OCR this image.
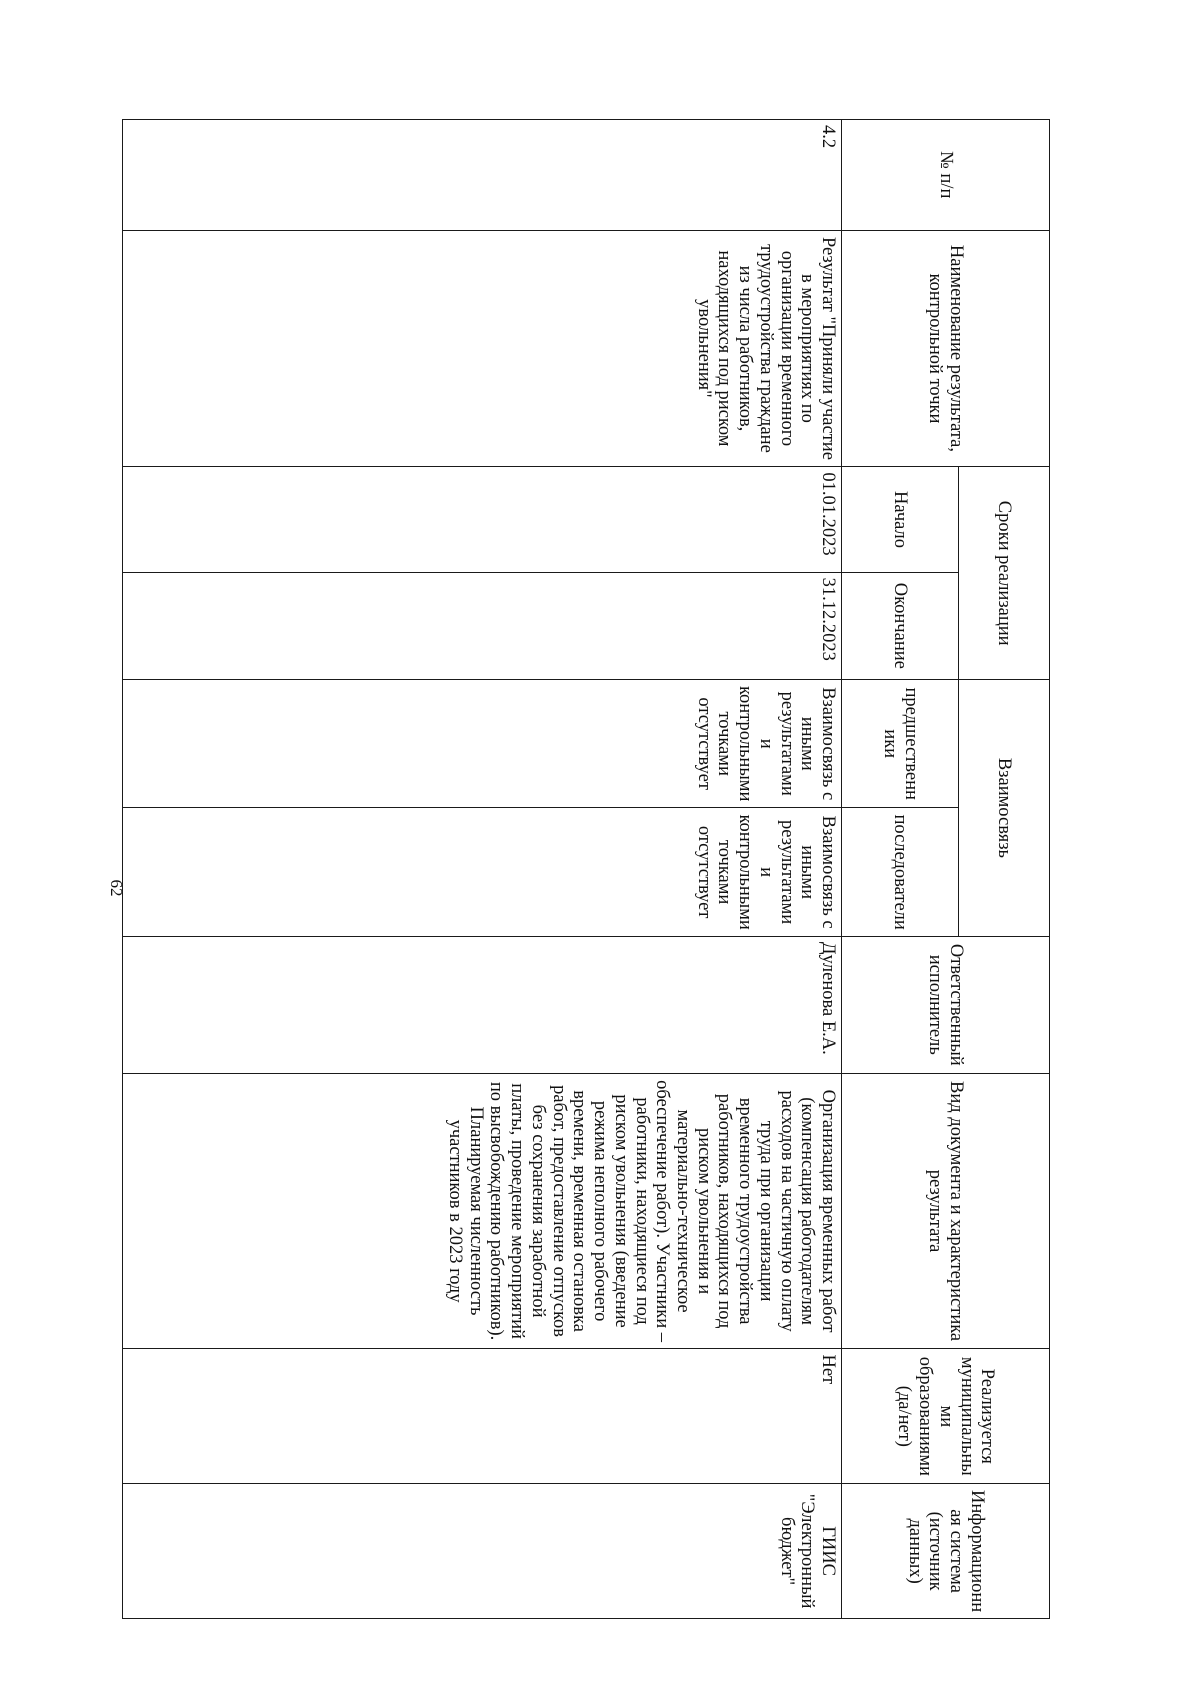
62
№ п/п	Наименование результата, контрольной точки	Сроки реализации		Взаимосвязь		Ответственный исполнитель	Вид документа и характеристика результата	Реализуется муниципальными образованиями (да/нет)	Информационная система (источник данных)
		Начало	Окончание	предшественники	последователи				
4.2	Результат "Приняли участие в мероприятиях по организации временного трудоустройства граждане из числа работников, находящихся под риском увольнения"	01.01.2023	31.12.2023	Взаимосвязь с иными результатами и контрольными точками отсутствует	Взаимосвязь с иными результатами и контрольными точками отсутствует	Дуленова Е.А.	Организация временных работ (компенсация работодателям расходов на частичную оплату труда при организации временного трудоустройства работников, находящихся под риском увольнения и материально-техническое обеспечение работ). Участники – работники, находящиеся под риском увольнения (введение режима неполного рабочего времени, временная остановка работ, предоставление отпусков без сохранения заработной платы, проведение мероприятий по высвобождению работников). Планируемая численность участников в 2023 году	Нет	ГИИС "Электронный бюджет"
